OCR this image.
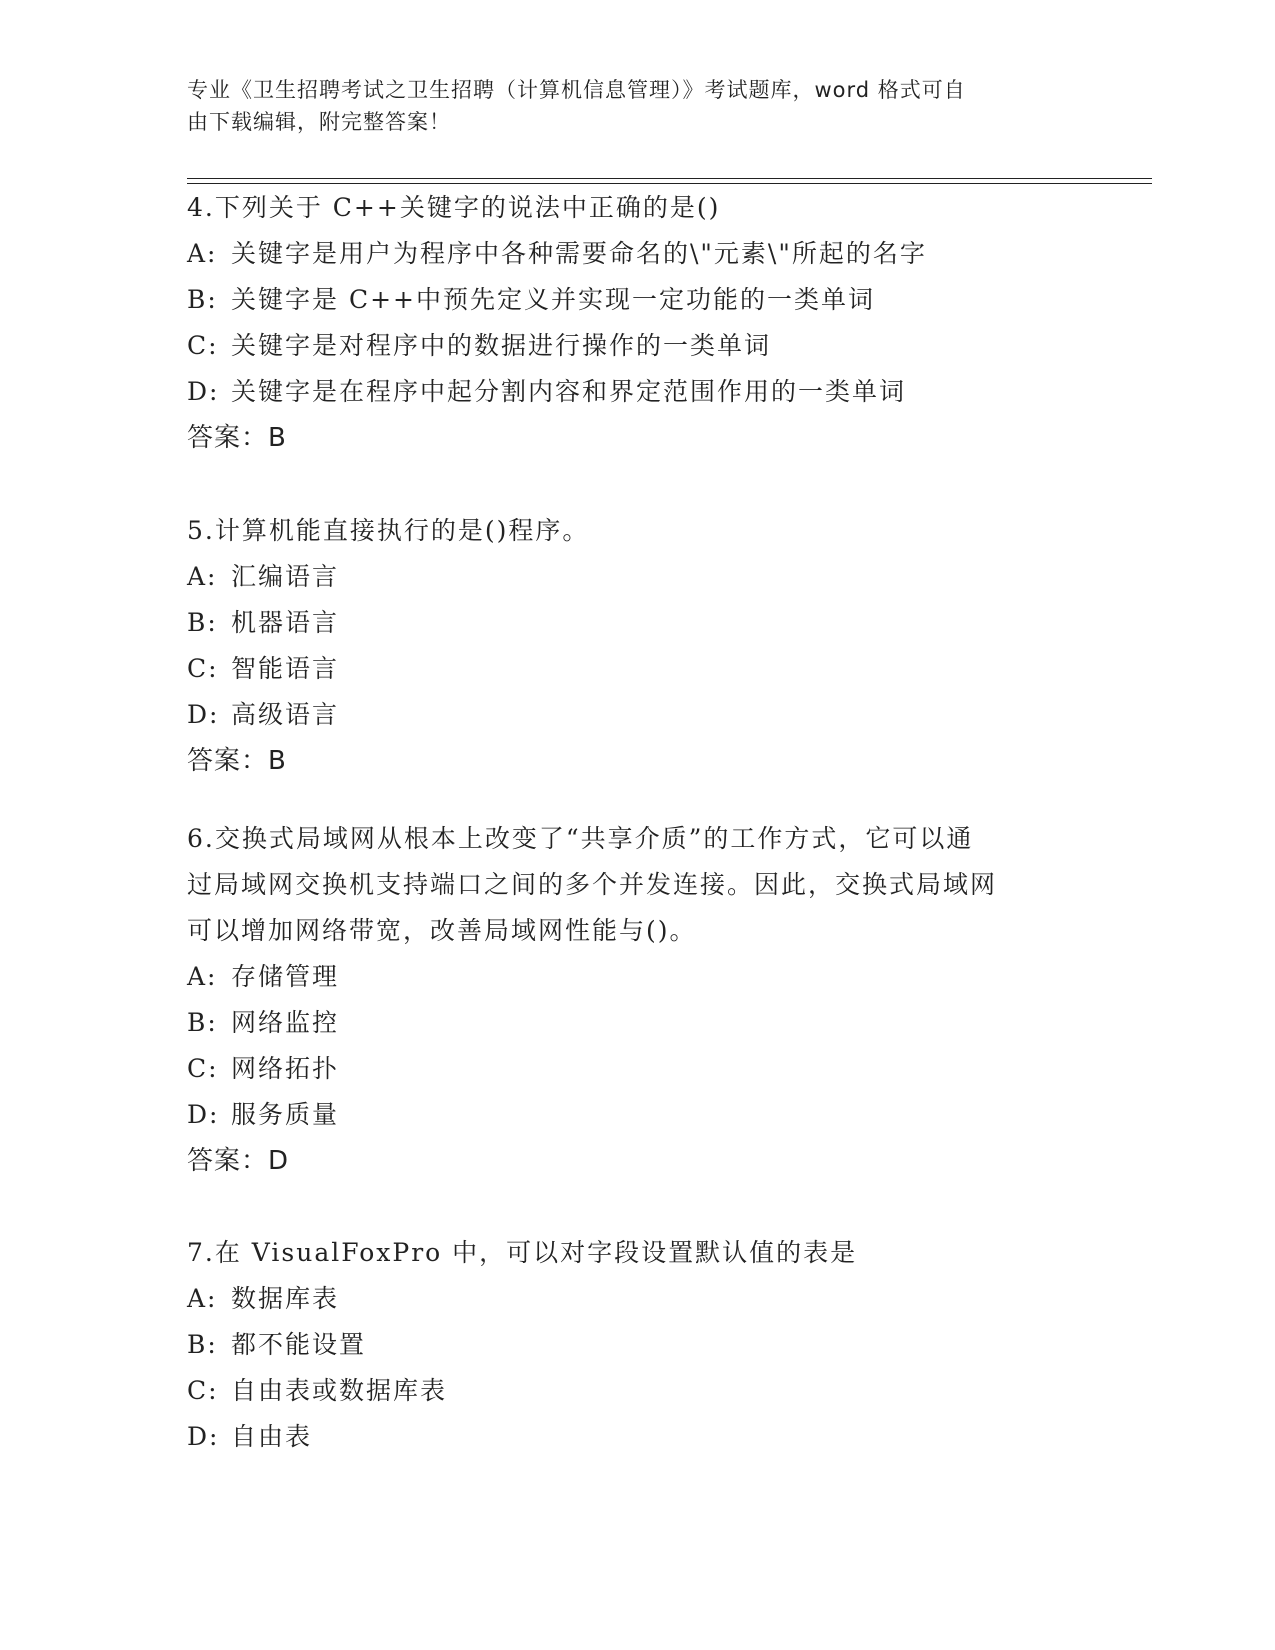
专业《卫生招聘考试之卫生招聘（计算机信息管理）》考试题库，word 格式可自
由下载编辑，附完整答案！
4.下列关于 C++关键字的说法中正确的是()
A: 关键字是用户为程序中各种需要命名的\"元素\"所起的名字
B: 关键字是 C++中预先定义并实现一定功能的一类单词
C: 关键字是对程序中的数据进行操作的一类单词
D: 关键字是在程序中起分割内容和界定范围作用的一类单词
答案：B
5.计算机能直接执行的是()程序。
A: 汇编语言
B: 机器语言
C: 智能语言
D: 高级语言
答案：B
6.交换式局域网从根本上改变了“共享介质”的工作方式，它可以通
过局域网交换机支持端口之间的多个并发连接。因此，交换式局域网
可以增加网络带宽，改善局域网性能与()。
A: 存储管理
B: 网络监控
C: 网络拓扑
D: 服务质量
答案：D
7.在 VisualFoxPro 中，可以对字段设置默认值的表是
A: 数据库表
B: 都不能设置
C: 自由表或数据库表
D: 自由表
